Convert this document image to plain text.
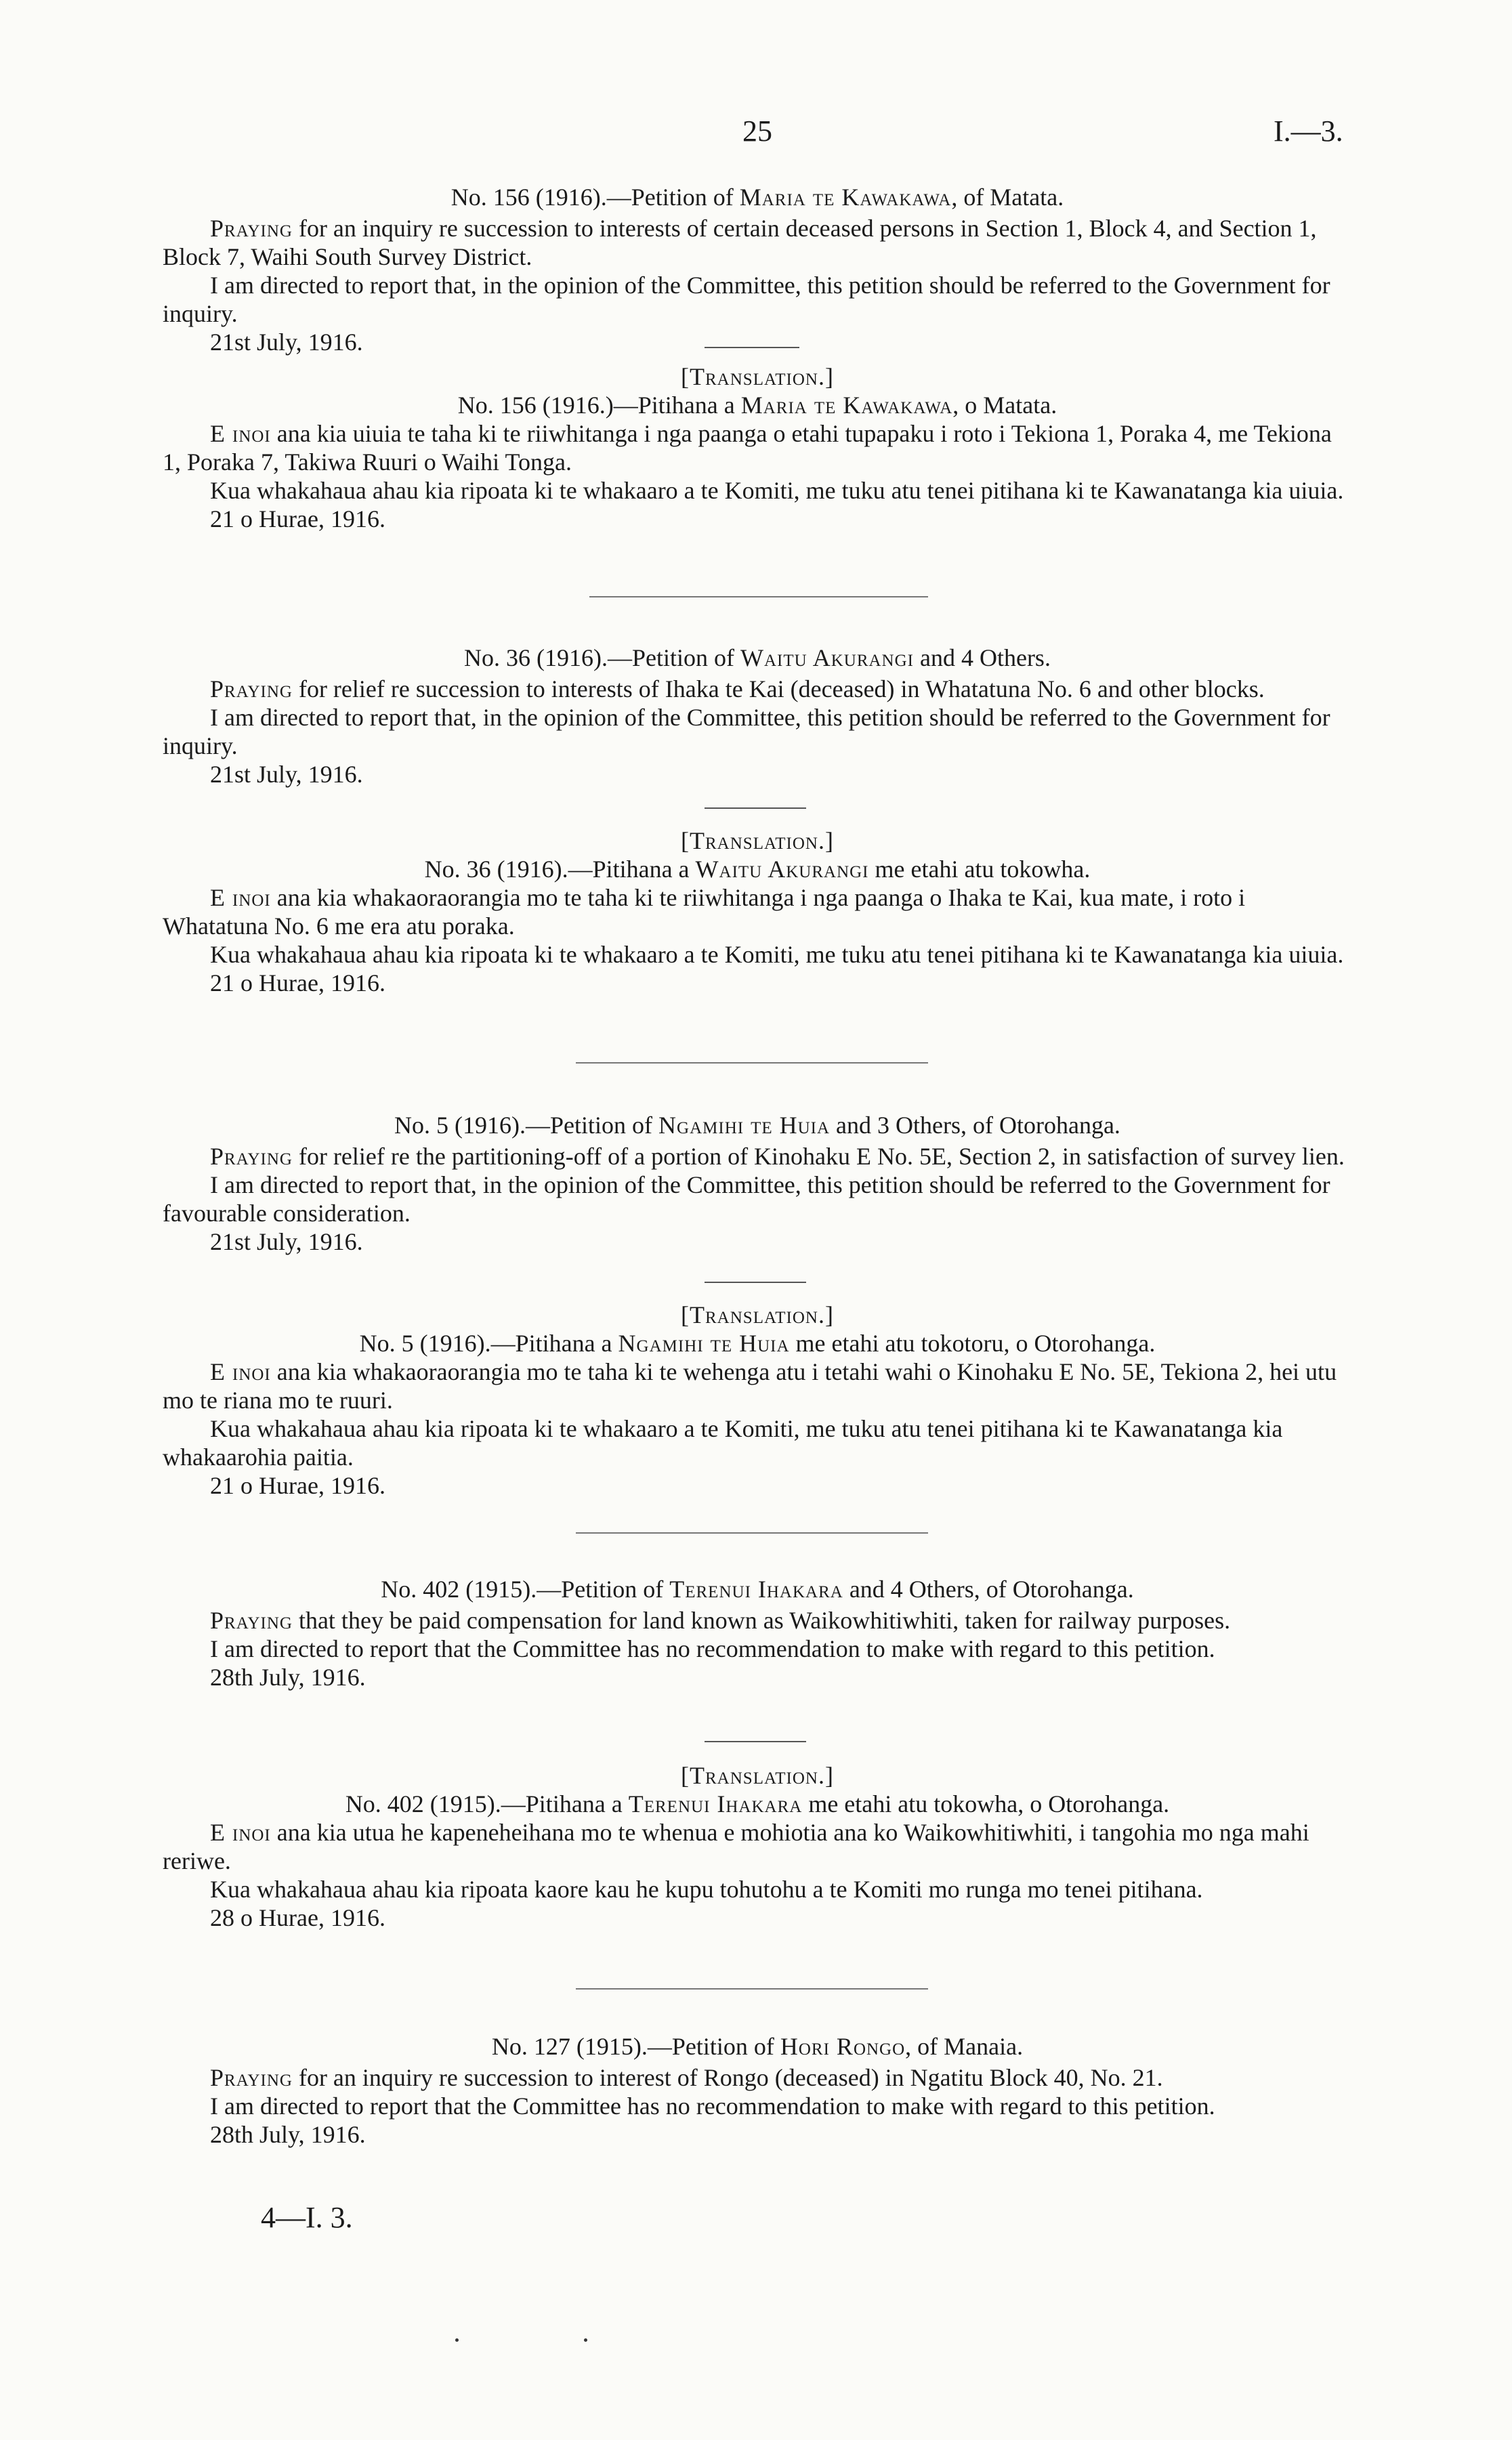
25	I.—3.

No. 156 (1916).—Petition of Maria te Kawakawa, of Matata.

Praying for an inquiry re succession to interests of certain deceased persons in Section 1, Block 4, and Section 1, Block 7, Waihi South Survey District.

I am directed to report that, in the opinion of the Committee, this petition should be referred to the Government for inquiry.

21st July, 1916.

[Translation.]

No. 156 (1916.)—Pitihana a Maria te Kawakawa, o Matata.

E inoi ana kia uiuia te taha ki te riiwhitanga i nga paanga o etahi tupapaku i roto i Tekiona 1, Poraka 4, me Tekiona 1, Poraka 7, Takiwa Ruuri o Waihi Tonga.

Kua whakahaua ahau kia ripoata ki te whakaaro a te Komiti, me tuku atu tenei pitihana ki te Kawanatanga kia uiuia.

21 o Hurae, 1916.

No. 36 (1916).—Petition of Waitu Akurangi and 4 Others.

Praying for relief re succession to interests of Ihaka te Kai (deceased) in Whatatuna No. 6 and other blocks.

I am directed to report that, in the opinion of the Committee, this petition should be referred to the Government for inquiry.

21st July, 1916.

[Translation.]

No. 36 (1916).—Pitihana a Waitu Akurangi me etahi atu tokowha.

E inoi ana kia whakaoraorangia mo te taha ki te riiwhitanga i nga paanga o Ihaka te Kai, kua mate, i roto i Whatatuna No. 6 me era atu poraka.

Kua whakahaua ahau kia ripoata ki te whakaaro a te Komiti, me tuku atu tenei pitihana ki te Kawanatanga kia uiuia.

21 o Hurae, 1916.

No. 5 (1916).—Petition of Ngamihi te Huia and 3 Others, of Otorohanga.

Praying for relief re the partitioning-off of a portion of Kinohaku E No. 5E, Section 2, in satisfaction of survey lien.

I am directed to report that, in the opinion of the Committee, this petition should be referred to the Government for favourable consideration.

21st July, 1916.

[Translation.]

No. 5 (1916).—Pitihana a Ngamihi te Huia me etahi atu tokotoru, o Otorohanga.

E inoi ana kia whakaoraorangia mo te taha ki te wehenga atu i tetahi wahi o Kinohaku E No. 5E, Tekiona 2, hei utu mo te riana mo te ruuri.

Kua whakahaua ahau kia ripoata ki te whakaaro a te Komiti, me tuku atu tenei pitihana ki te Kawanatanga kia whakaarohia paitia.

21 o Hurae, 1916.

No. 402 (1915).—Petition of Terenui Ihakara and 4 Others, of Otorohanga.

Praying that they be paid compensation for land known as Waikowhitiwhiti, taken for railway purposes.

I am directed to report that the Committee has no recommendation to make with regard to this petition.

28th July, 1916.

[Translation.]

No. 402 (1915).—Pitihana a Terenui Ihakara me etahi atu tokowha, o Otorohanga.

E inoi ana kia utua he kapeneheihana mo te whenua e mohiotia ana ko Waikowhitiwhiti, i tangohia mo nga mahi reriwe.

Kua whakahaua ahau kia ripoata kaore kau he kupu tohutohu a te Komiti mo runga mo tenei pitihana.

28 o Hurae, 1916.

No. 127 (1915).—Petition of Hori Rongo, of Manaia.

Praying for an inquiry re succession to interest of Rongo (deceased) in Ngatitu Block 40, No. 21.

I am directed to report that the Committee has no recommendation to make with regard to this petition.

28th July, 1916.

4—I. 3.
